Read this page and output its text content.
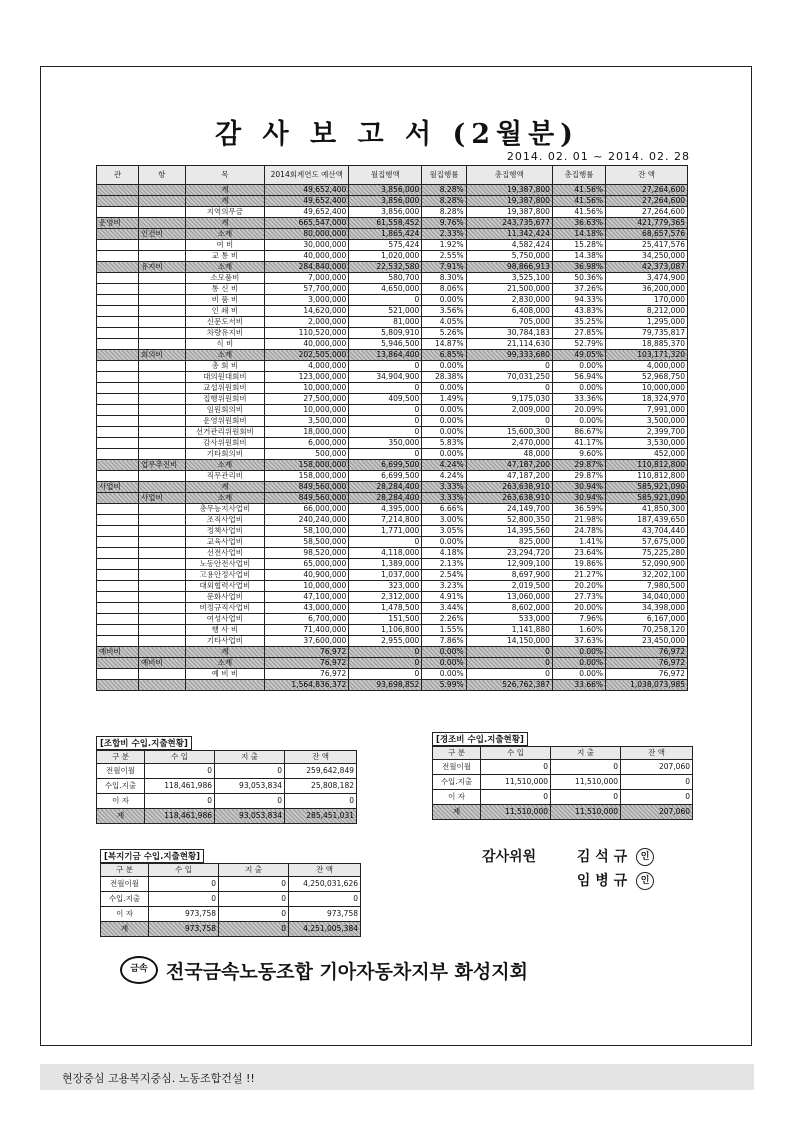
감 사 보 고 서 (2월분)
2014. 02. 01 ~ 2014. 02. 28
관	항	목	2014회계연도 예산액	월집행액	월집행률	총집행액	총집행률	잔 액
		계	49,652,400	3,856,000	8.28%	19,387,800	41.56%	27,264,600
		계	49,652,400	3,856,000	8.28%	19,387,800	41.56%	27,264,600
		지역의무금	49,652,400	3,856,000	8.28%	19,387,800	41.56%	27,264,600
운영비		계	665,547,000	61,558,452	9.76%	243,735,677	36.63%	421,779,365
	인건비	소계	80,000,000	1,865,424	2.33%	11,342,424	14.18%	68,657,576
		여 비	30,000,000	575,424	1.92%	4,582,424	15.28%	25,417,576
		교 통 비	40,000,000	1,020,000	2.55%	5,750,000	14.38%	34,250,000
	유지비	소계	284,840,000	22,532,580	7.91%	98,866,913	36.98%	42,373,087
		소모품비	7,000,000	580,700	8.30%	3,525,100	50.36%	3,474,900
		통 신 비	57,700,000	4,650,000	8.06%	21,500,000	37.26%	36,200,000
		비 품 비	3,000,000	0	0.00%	2,830,000	94.33%	170,000
		인 쇄 비	14,620,000	521,000	3.56%	6,408,000	43.83%	8,212,000
		신문도서비	2,000,000	81,000	4.05%	705,000	35.25%	1,295,000
		차량유지비	110,520,000	5,809,910	5.26%	30,784,183	27.85%	79,735,817
		식 비	40,000,000	5,946,500	14.87%	21,114,630	52.79%	18,885,370
	회의비	소계	202,505,000	13,864,400	6.85%	99,333,680	49.05%	103,171,320
		총 회 비	4,000,000	0	0.00%	0	0.00%	4,000,000
		대의원대회비	123,000,000	34,904,900	28.38%	70,031,250	56.94%	52,968,750
		교섭위원회비	10,000,000	0	0.00%	0	0.00%	10,000,000
		집행위원회비	27,500,000	409,500	1.49%	9,175,030	33.36%	18,324,970
		임원회의비	10,000,000	0	0.00%	2,009,000	20.09%	7,991,000
		운영위원회비	3,500,000	0	0.00%	0	0.00%	3,500,000
		선거관리위원회비	18,000,000	0	0.00%	15,600,300	86.67%	2,399,700
		감사위원회비	6,000,000	350,000	5.83%	2,470,000	41.17%	3,530,000
		기타회의비	500,000	0	0.00%	48,000	9.60%	452,000
	업무추진비	소계	158,000,000	6,699,500	4.24%	47,187,200	29.87%	110,812,800
		직무관리비	158,000,000	6,699,500	4.24%	47,187,200	29.87%	110,812,800
사업비		계	849,560,000	28,284,400	3.33%	263,638,910	30.94%	585,921,090
	사업비	소계	849,560,000	28,284,400	3.33%	263,638,910	30.94%	585,921,090
		총무능지사업비	66,000,000	4,395,000	6.66%	24,149,700	36.59%	41,850,300
		조직사업비	240,240,000	7,214,800	3.00%	52,800,350	21.98%	187,439,650
		정책사업비	58,100,000	1,771,000	3.05%	14,395,560	24.78%	43,704,440
		교육사업비	58,500,000	0	0.00%	825,000	1.41%	57,675,000
		선전사업비	98,520,000	4,118,000	4.18%	23,294,720	23.64%	75,225,280
		노동안전사업비	65,000,000	1,389,000	2.13%	12,909,100	19.86%	52,090,900
		고용안정사업비	40,900,000	1,037,000	2.54%	8,697,900	21.27%	32,202,100
		대외협력사업비	10,000,000	323,000	3.23%	2,019,500	20.20%	7,980,500
		문화사업비	47,100,000	2,312,000	4.91%	13,060,000	27.73%	34,040,000
		비정규직사업비	43,000,000	1,478,500	3.44%	8,602,000	20.00%	34,398,000
		여성사업비	6,700,000	151,500	2.26%	533,000	7.96%	6,167,000
		행 사 비	71,400,000	1,106,800	1.55%	1,141,880	1.60%	70,258,120
		기타사업비	37,600,000	2,955,000	7.86%	14,150,000	37.63%	23,450,000
예비비		계	76,972	0	0.00%	0	0.00%	76,972
	예비비	소계	76,972	0	0.00%	0	0.00%	76,972
		예 비 비	76,972	0	0.00%	0	0.00%	76,972
			1,564,836,372	93,698,852	5.99%	526,762,387	33.66%	1,038,073,985
[조합비 수입.지출현황]
구 분	수 입	지 출	잔 액
전월이월	0	0	259,642,849
수입.지출	118,461,986	93,053,834	25,808,182
이 자	0	0	0
계	118,461,986	93,053,834	285,451,031
[경조비 수입.지출현황]
구 분	수 입	지 출	잔 액
전월이월	0	0	207,060
수입.지출	11,510,000	11,510,000	0
이 자	0	0	0
계	11,510,000	11,510,000	207,060
[복지기금 수입.지출현황]
구 분	수 입	지 출	잔 액
전월이월	0	0	4,250,031,626
수입.지출	0	0	0
이 자	973,758	0	973,758
계	973,758	0	4,251,005,384
감사위원	김 석 규 인
임 병 규 인
금속 전국금속노동조합 기아자동차지부 화성지회
현장중심 고용복지중심. 노동조합건설 !!
